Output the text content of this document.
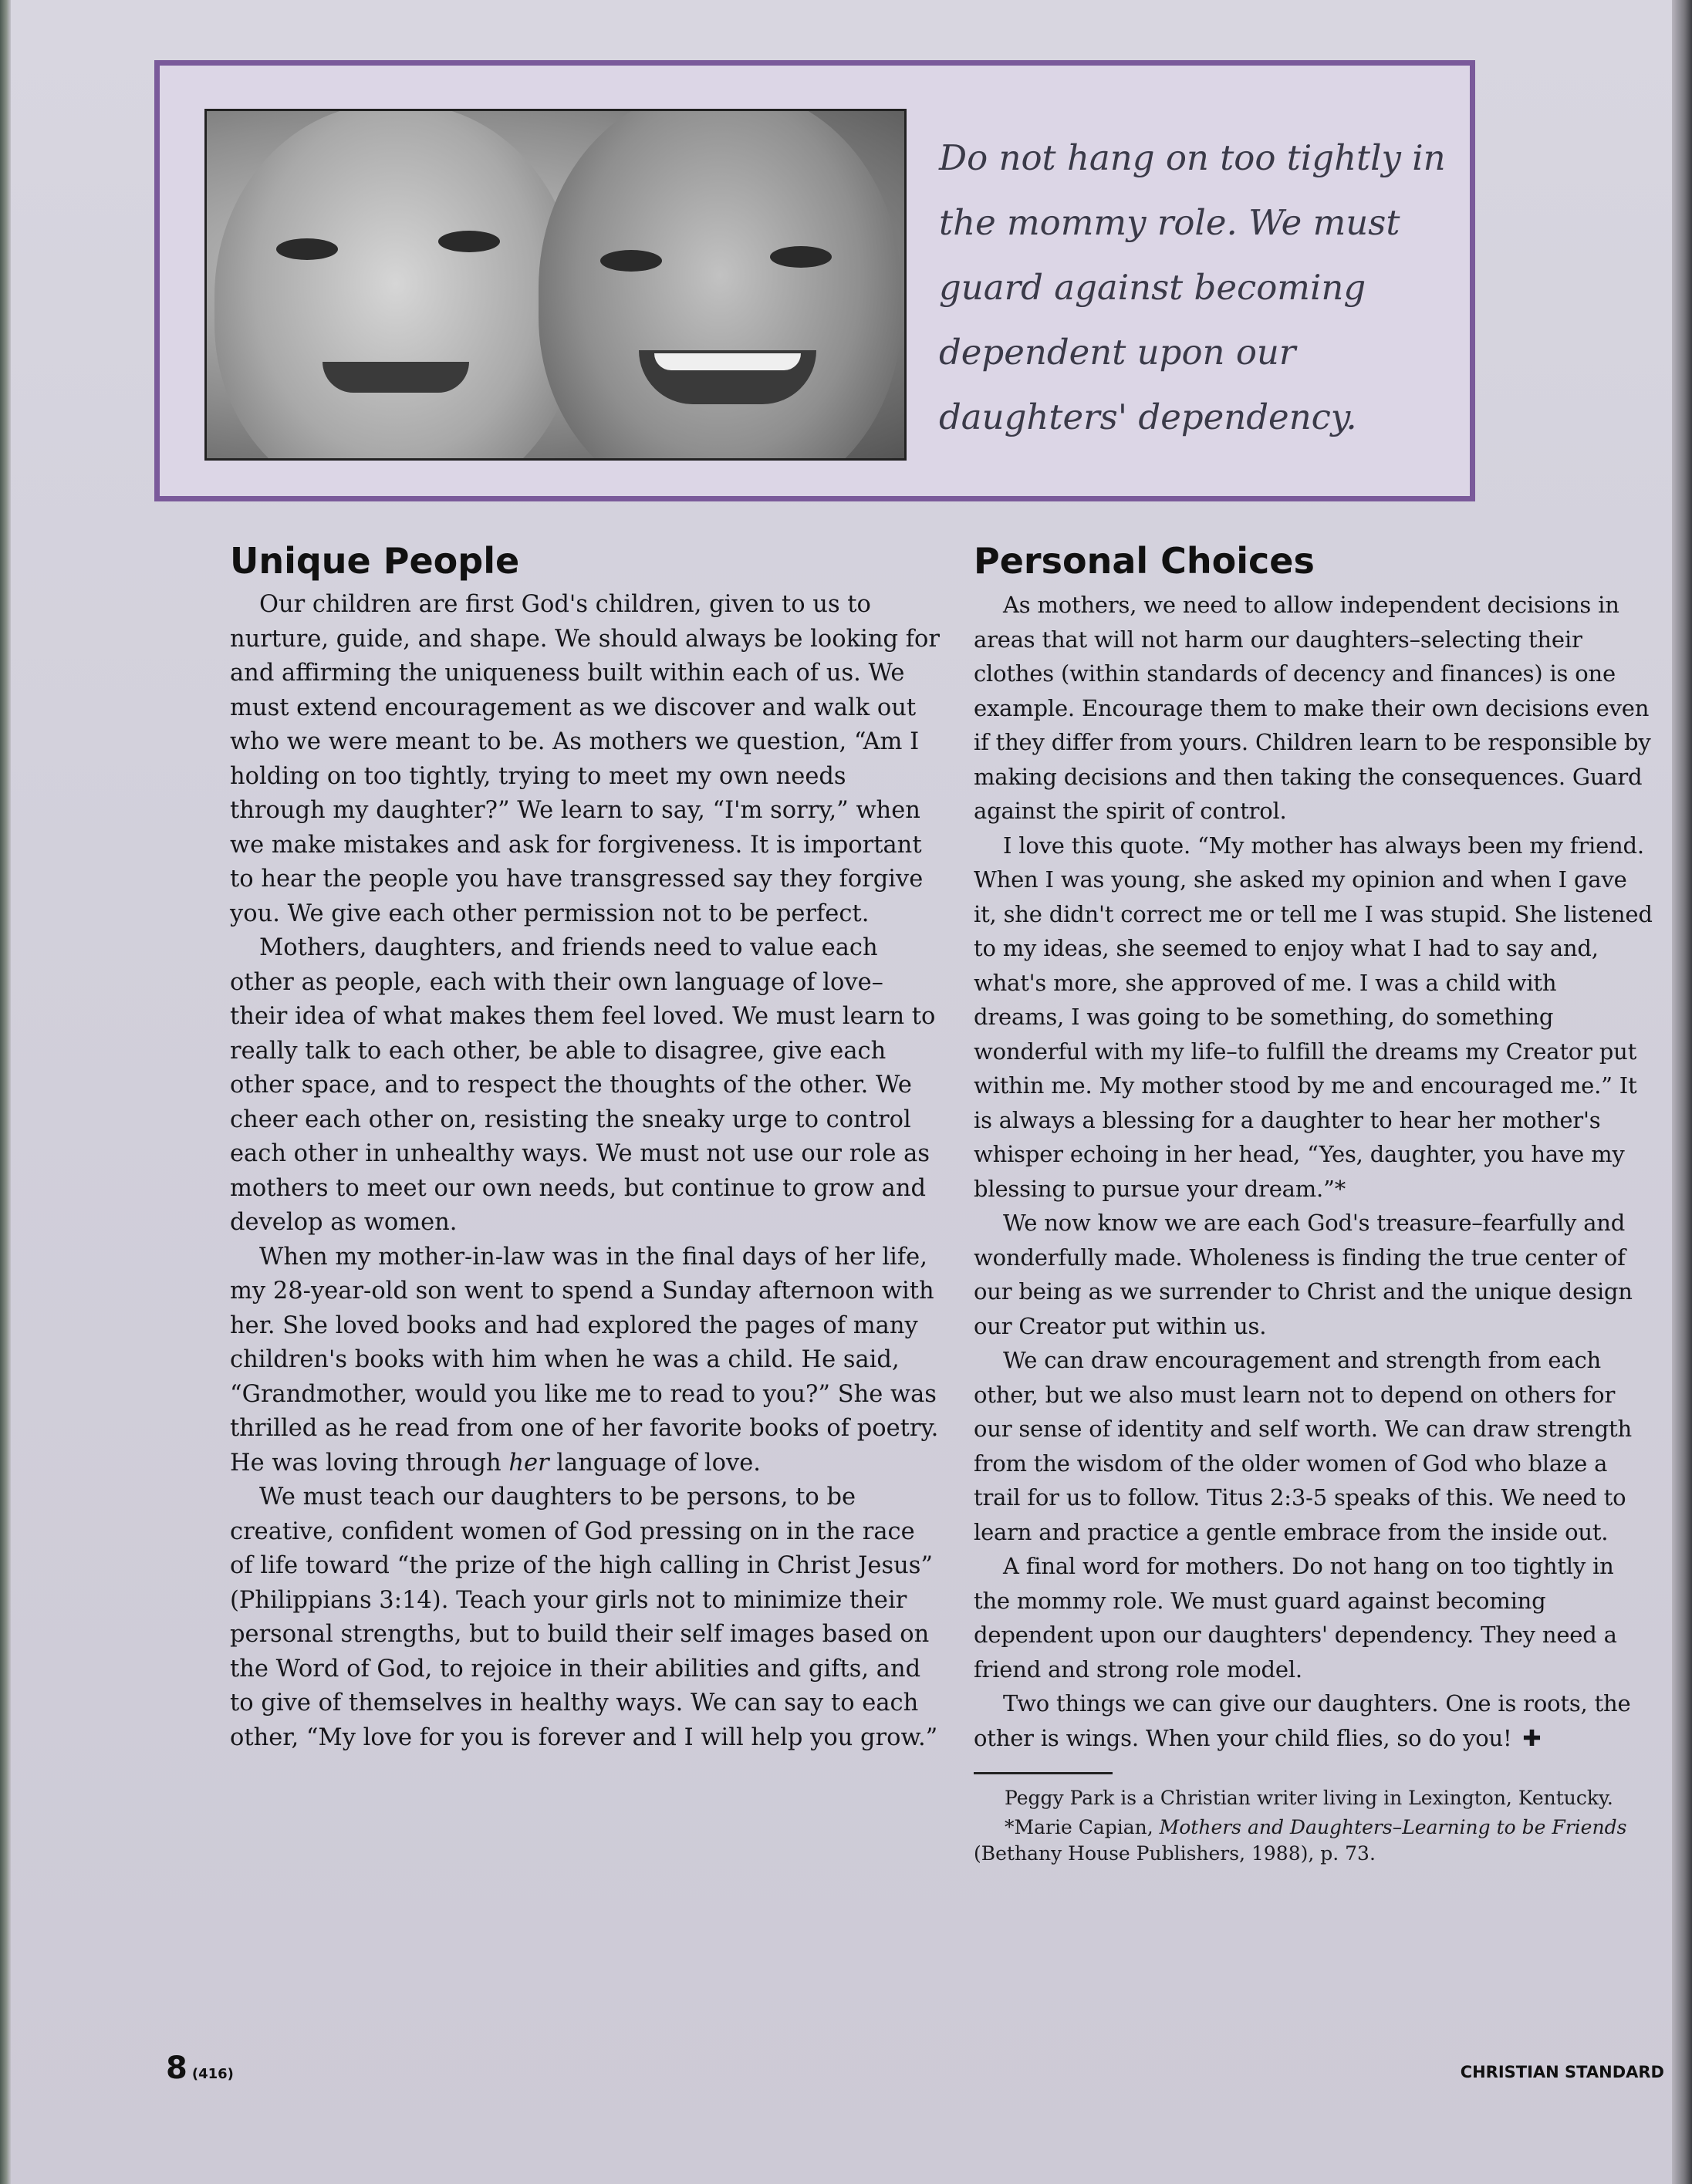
Do not hang on too tightly in
the mommy role. We must
guard against becoming
dependent upon our
daughters' dependency.

Unique People

Our children are first God's children, given to us to nurture, guide, and shape. We should always be looking for and affirming the uniqueness built within each of us. We must extend encouragement as we discover and walk out who we were meant to be. As mothers we question, “Am I holding on too tightly, trying to meet my own needs through my daughter?” We learn to say, “I'm sorry,” when we make mistakes and ask for forgiveness. It is important to hear the people you have transgressed say they forgive you. We give each other permission not to be perfect.

Mothers, daughters, and friends need to value each other as people, each with their own language of love–their idea of what makes them feel loved. We must learn to really talk to each other, be able to disagree, give each other space, and to respect the thoughts of the other. We cheer each other on, resisting the sneaky urge to control each other in unhealthy ways. We must not use our role as mothers to meet our own needs, but continue to grow and develop as women.

When my mother-in-law was in the final days of her life, my 28-year-old son went to spend a Sunday afternoon with her. She loved books and had explored the pages of many children's books with him when he was a child. He said, “Grandmother, would you like me to read to you?” She was thrilled as he read from one of her favorite books of poetry. He was loving through her language of love.

We must teach our daughters to be persons, to be creative, confident women of God pressing on in the race of life toward “the prize of the high calling in Christ Jesus” (Philippians 3:14). Teach your girls not to minimize their personal strengths, but to build their self images based on the Word of God, to rejoice in their abilities and gifts, and to give of themselves in healthy ways. We can say to each other, “My love for you is forever and I will help you grow.”

Personal Choices

As mothers, we need to allow independent decisions in areas that will not harm our daughters–selecting their clothes (within standards of decency and finances) is one example. Encourage them to make their own decisions even if they differ from yours. Children learn to be responsible by making decisions and then taking the consequences. Guard against the spirit of control.

I love this quote. “My mother has always been my friend. When I was young, she asked my opinion and when I gave it, she didn't correct me or tell me I was stupid. She listened to my ideas, she seemed to enjoy what I had to say and, what's more, she approved of me. I was a child with dreams, I was going to be something, do something wonderful with my life–to fulfill the dreams my Creator put within me. My mother stood by me and encouraged me.” It is always a blessing for a daughter to hear her mother's whisper echoing in her head, “Yes, daughter, you have my blessing to pursue your dream.”*

We now know we are each God's treasure–fearfully and wonderfully made. Wholeness is finding the true center of our being as we surrender to Christ and the unique design our Creator put within us.

We can draw encouragement and strength from each other, but we also must learn not to depend on others for our sense of identity and self worth. We can draw strength from the wisdom of the older women of God who blaze a trail for us to follow. Titus 2:3-5 speaks of this. We need to learn and practice a gentle embrace from the inside out.

A final word for mothers. Do not hang on too tightly in the mommy role. We must guard against becoming dependent upon our daughters' dependency. They need a friend and strong role model.

Two things we can give our daughters. One is roots, the other is wings. When your child flies, so do you! ✚

Peggy Park is a Christian writer living in Lexington, Kentucky.

*Marie Capian, Mothers and Daughters–Learning to be Friends (Bethany House Publishers, 1988), p. 73.

8 (416)	CHRISTIAN STANDARD
